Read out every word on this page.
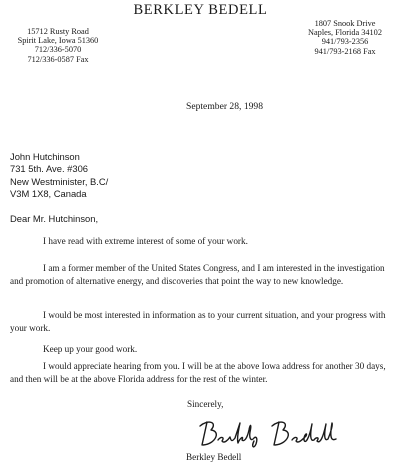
BERKLEY BEDELL
15712 Rusty Road
Spirit Lake, Iowa 51360
712/336-5070
712/336-0587 Fax
1807 Snook Drive
Naples, Florida 34102
941/793-2356
941/793-2168 Fax
September 28, 1998
John Hutchinson
731 5th. Ave. #306
New Westminister, B.C/
V3M 1X8, Canada
Dear Mr. Hutchinson,
I have read with extreme interest of some of your work.
I am a former member of the United States Congress, and I am interested in the investigation and promotion of alternative energy, and discoveries that point the way to new knowledge.
I would be most interested in information as to your current situation, and your progress with your work.
Keep up your good work.
I would appreciate hearing from you. I will be at the above Iowa address for another 30 days, and then will be at the above Florida address for the rest of the winter.
Sincerely,
Berkley Bedell
